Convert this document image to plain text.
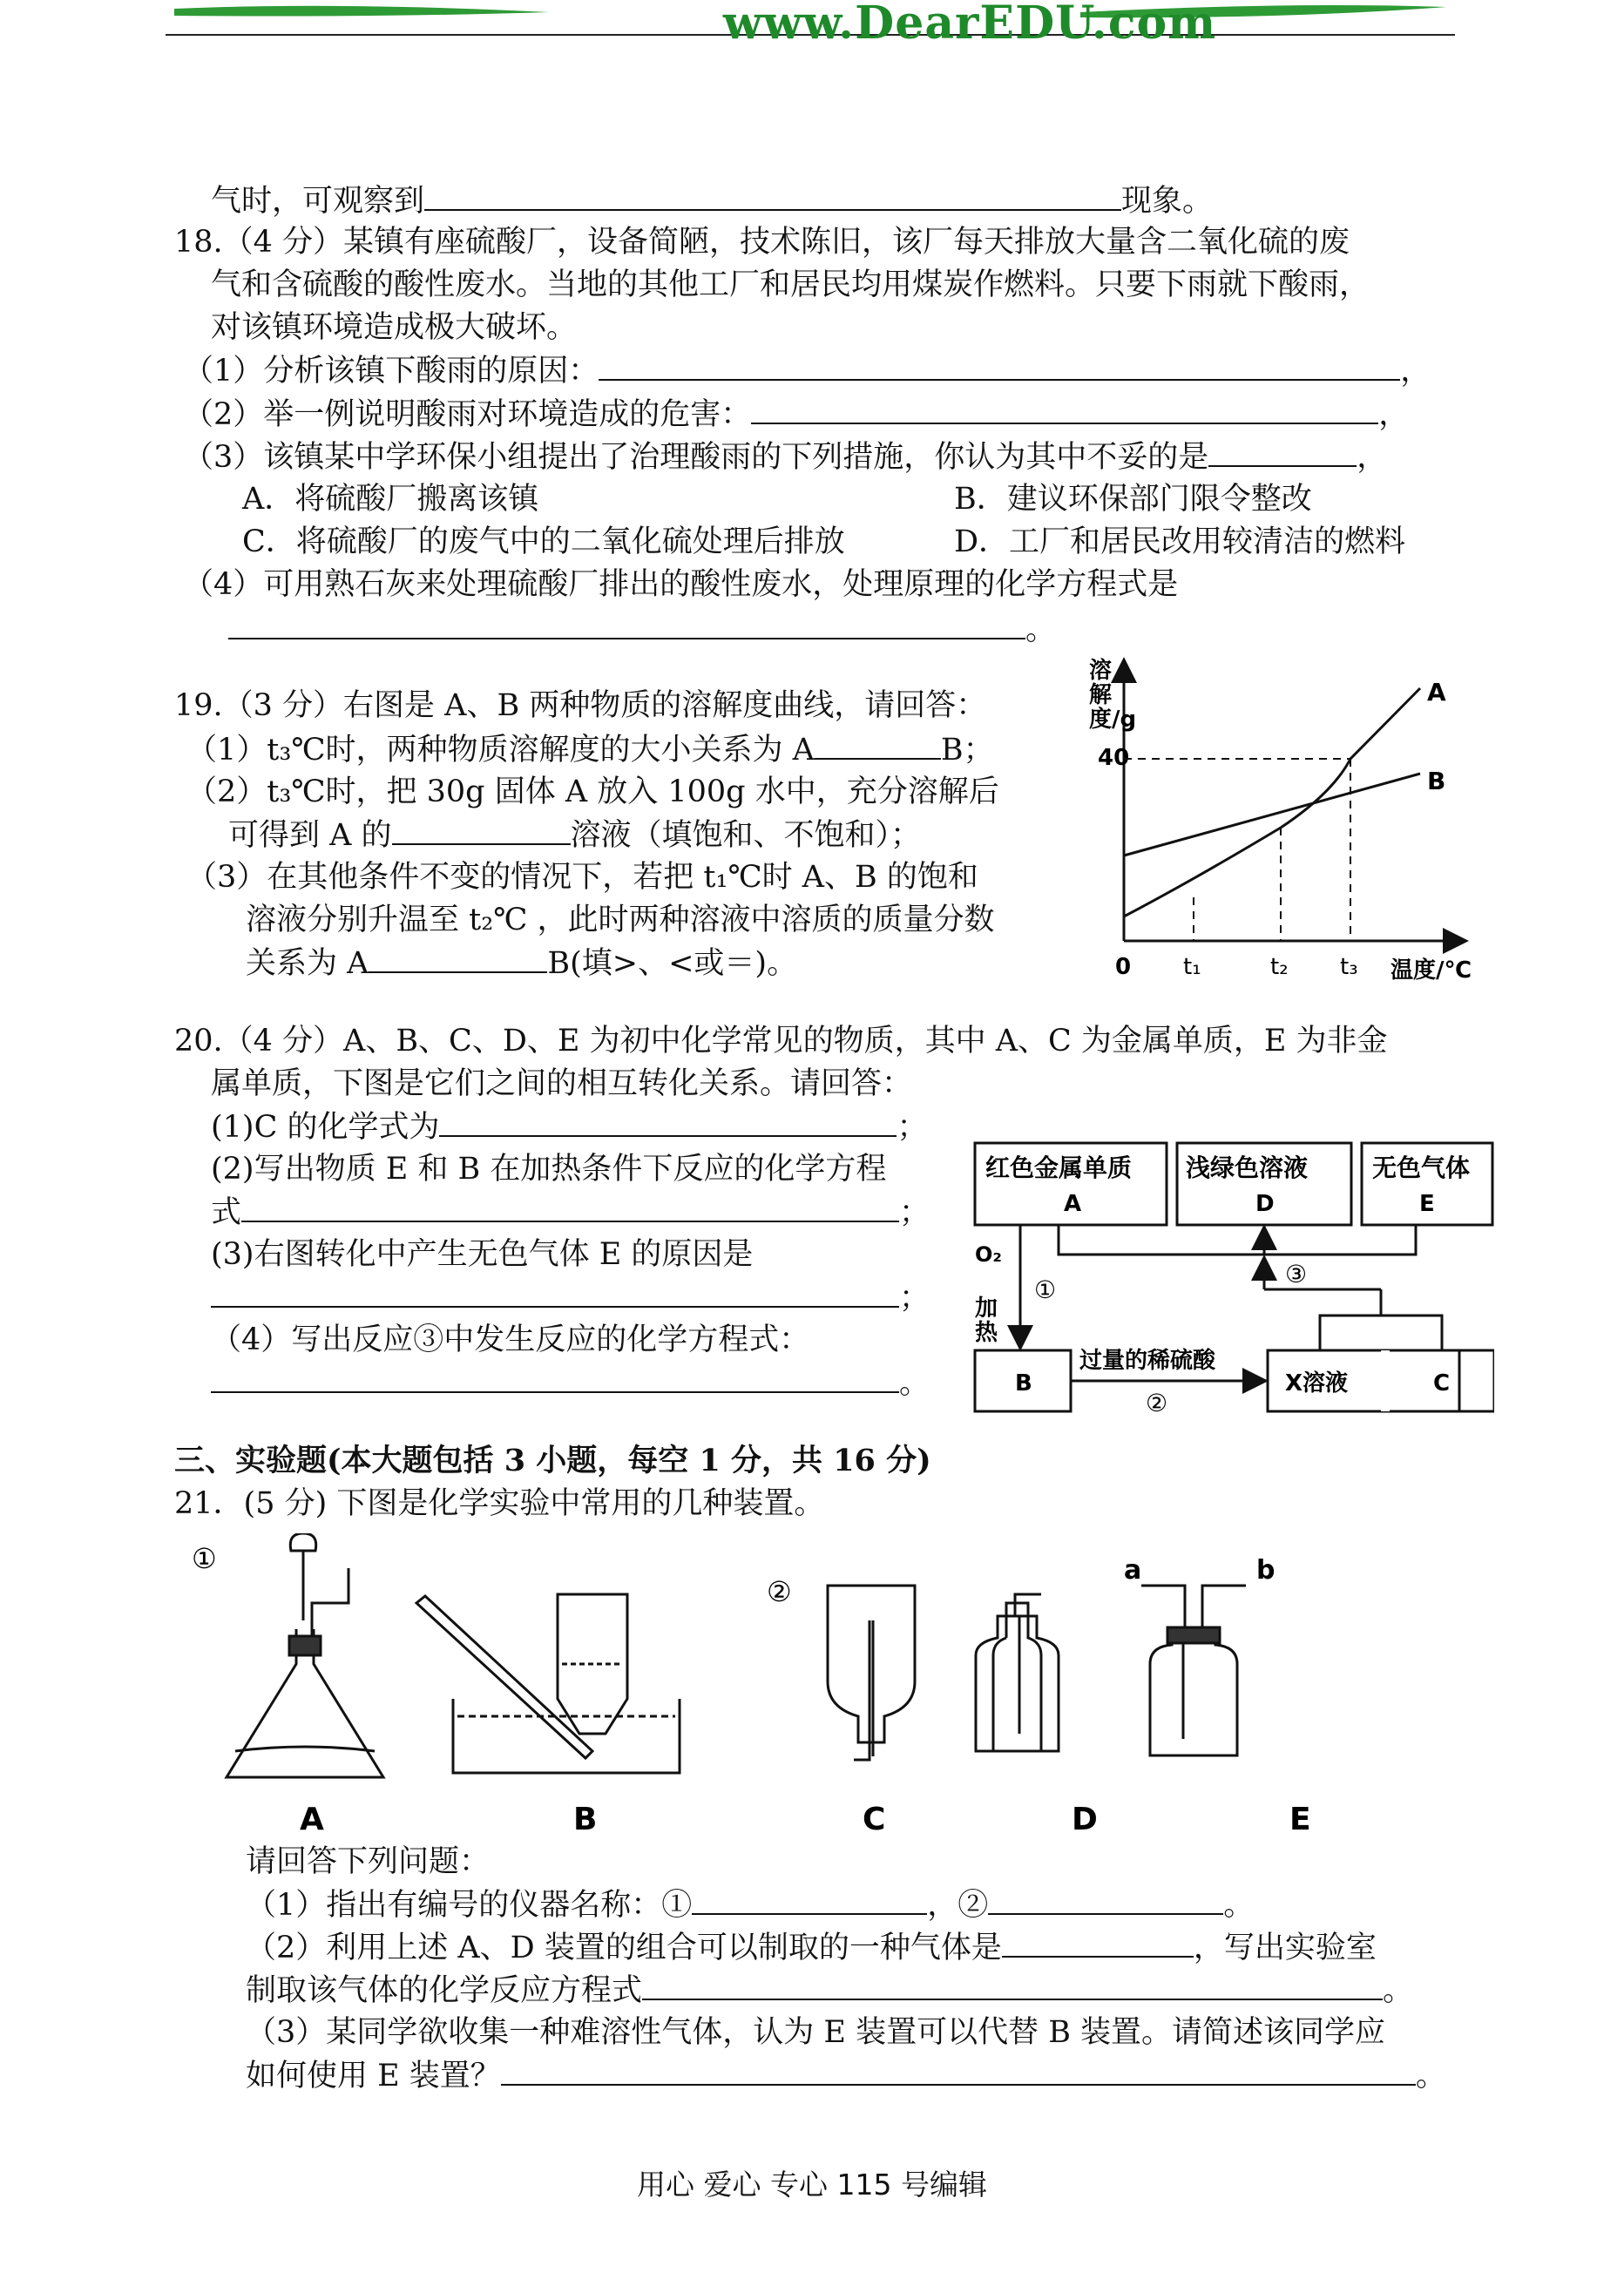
www.DearEDU.com
气时，可观察到	现象。
18.（4 分）某镇有座硫酸厂，设备简陋，技术陈旧，该厂每天排放大量含二氧化硫的废
气和含硫酸的酸性废水。当地的其他工厂和居民均用煤炭作燃料。只要下雨就下酸雨，
对该镇环境造成极大破坏。
（1）分析该镇下酸雨的原因：	，
（2）举一例说明酸雨对环境造成的危害：	，
（3）该镇某中学环保小组提出了治理酸雨的下列措施，你认为其中不妥的是	，
A．将硫酸厂搬离该镇	B．建议环保部门限令整改
C．将硫酸厂的废气中的二氧化硫处理后排放	D．工厂和居民改用较清洁的燃料
（4）可用熟石灰来处理硫酸厂排出的酸性废水，处理原理的化学方程式是
。
19.（3 分）右图是 A、B 两种物质的溶解度曲线，请回答：
（1）t₃℃时，两种物质溶解度的大小关系为 A	B；
（2）t₃℃时，把 30g 固体 A 放入 100g 水中，充分溶解后
可得到 A 的	溶液（填饱和、不饱和）；
（3）在其他条件不变的情况下，若把 t₁℃时 A、B 的饱和
溶液分别升温至 t₂℃ ，此时两种溶液中溶质的质量分数
关系为 A	B(填>、<或＝)。
溶
解
度/g
40
A
B
0 t₁	t₂ t₃ 温度/℃
20.（4 分）A、B、C、D、E 为初中化学常见的物质，其中 A、C 为金属单质，E 为非金
属单质，下图是它们之间的相互转化关系。请回答：
(1)C 的化学式为	；
(2)写出物质 E 和 B 在加热条件下反应的化学方程
式	；
(3)右图转化中产生无色气体 E 的原因是
；
（4）写出反应③中发生反应的化学方程式：
。
红色金属单质
A
浅绿色溶液
D
无色气体
E
B	X溶液	C
O₂
加
热
①
②
③
过量的稀硫酸
三、实验题(本大题包括 3 小题，每空 1 分，共 16 分)
21．(5 分) 下图是化学实验中常用的几种装置。
①
②
a	b
A	B	C	D	E
请回答下列问题：
（1）指出有编号的仪器名称：①	，②	。
（2）利用上述 A、D 装置的组合可以制取的一种气体是	，写出实验室
制取该气体的化学反应方程式	。
（3）某同学欲收集一种难溶性气体，认为 E 装置可以代替 B 装置。请简述该同学应
如何使用 E 装置？	。
用心 爱心 专心 115 号编辑
